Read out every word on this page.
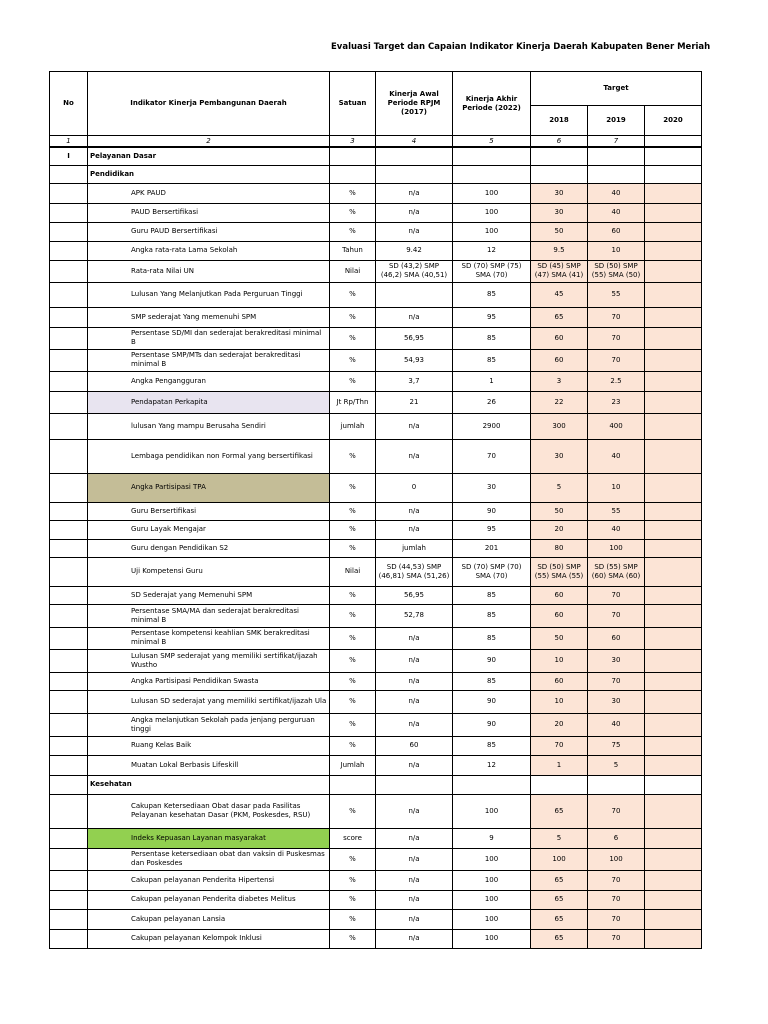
Evaluasi Target dan Capaian Indikator Kinerja Daerah Kabupaten Bener Meriah
No	Indikator Kinerja Pembangunan Daerah	Satuan	Kinerja Awal Periode RPJM (2017)	Kinerja Akhir Periode (2022)	Target		
					2018	2019	2020
1	2	3	4	5	6	7	
I	Pelayanan Dasar						
	Pendidikan						
	APK PAUD	%	n/a	100	30	40	
	PAUD Bersertifikasi	%	n/a	100	30	40	
	Guru PAUD Bersertifikasi	%	n/a	100	50	60	
	Angka rata-rata Lama Sekolah	Tahun	9.42	12	9.5	10	
	Rata-rata Nilai UN	Nilai	SD (43,2) SMP (46,2) SMA (40,51)	SD (70) SMP (75) SMA (70)	SD (45) SMP (47) SMA (41)	SD (50) SMP (55) SMA (50)	
	Lulusan Yang Melanjutkan Pada Perguruan Tinggi	%		85	45	55	
	SMP sederajat Yang memenuhi SPM	%	n/a	95	65	70	
	Persentase SD/MI dan sederajat berakreditasi minimal B	%	56,95	85	60	70	
	Persentase SMP/MTs dan sederajat berakreditasi minimal B	%	54,93	85	60	70	
	Angka Pengangguran	%	3,7	1	3	2.5	
	Pendapatan Perkapita	Jt Rp/Thn	21	26	22	23	
	lulusan Yang mampu Berusaha Sendiri	jumlah	n/a	2900	300	400	
	Lembaga pendidikan non Formal yang bersertifikasi	%	n/a	70	30	40	
	Angka Partisipasi TPA	%	0	30	5	10	
	Guru Bersertifikasi	%	n/a	90	50	55	
	Guru Layak Mengajar	%	n/a	95	20	40	
	Guru dengan Pendidikan S2	%	jumlah	201	80	100	
	Uji Kompetensi Guru	Nilai	SD (44,53) SMP (46,81) SMA (51,26)	SD (70) SMP (70) SMA (70)	SD (50) SMP (55) SMA (55)	SD (55) SMP (60) SMA (60)	
	SD Sederajat yang Memenuhi SPM	%	56,95	85	60	70	
	Persentase SMA/MA dan sederajat berakreditasi minimal B	%	52,78	85	60	70	
	Persentase kompetensi keahlian SMK berakreditasi minimal B	%	n/a	85	50	60	
	Lulusan SMP sederajat yang memiliki sertifikat/ijazah Wustho	%	n/a	90	10	30	
	Angka Partisipasi Pendidikan Swasta	%	n/a	85	60	70	
	Lulusan SD sederajat yang memiliki sertifikat/ijazah Ula	%	n/a	90	10	30	
	Angka melanjutkan Sekolah pada jenjang perguruan tinggi	%	n/a	90	20	40	
	Ruang Kelas Baik	%	60	85	70	75	
	Muatan Lokal Berbasis Lifeskill	Jumlah	n/a	12	1	5	
	Kesehatan						
	Cakupan Ketersediaan Obat dasar pada Fasilitas Pelayanan kesehatan Dasar (PKM, Poskesdes, RSU)	%	n/a	100	65	70	
	Indeks Kepuasan Layanan masyarakat	score	n/a	9	5	6	
	Persentase ketersediaan obat dan vaksin di Puskesmas dan Poskesdes	%	n/a	100	100	100	
	Cakupan pelayanan Penderita Hipertensi	%	n/a	100	65	70	
	Cakupan pelayanan Penderita diabetes Melitus	%	n/a	100	65	70	
	Cakupan pelayanan Lansia	%	n/a	100	65	70	
	Cakupan pelayanan Kelompok Inklusi	%	n/a	100	65	70	
